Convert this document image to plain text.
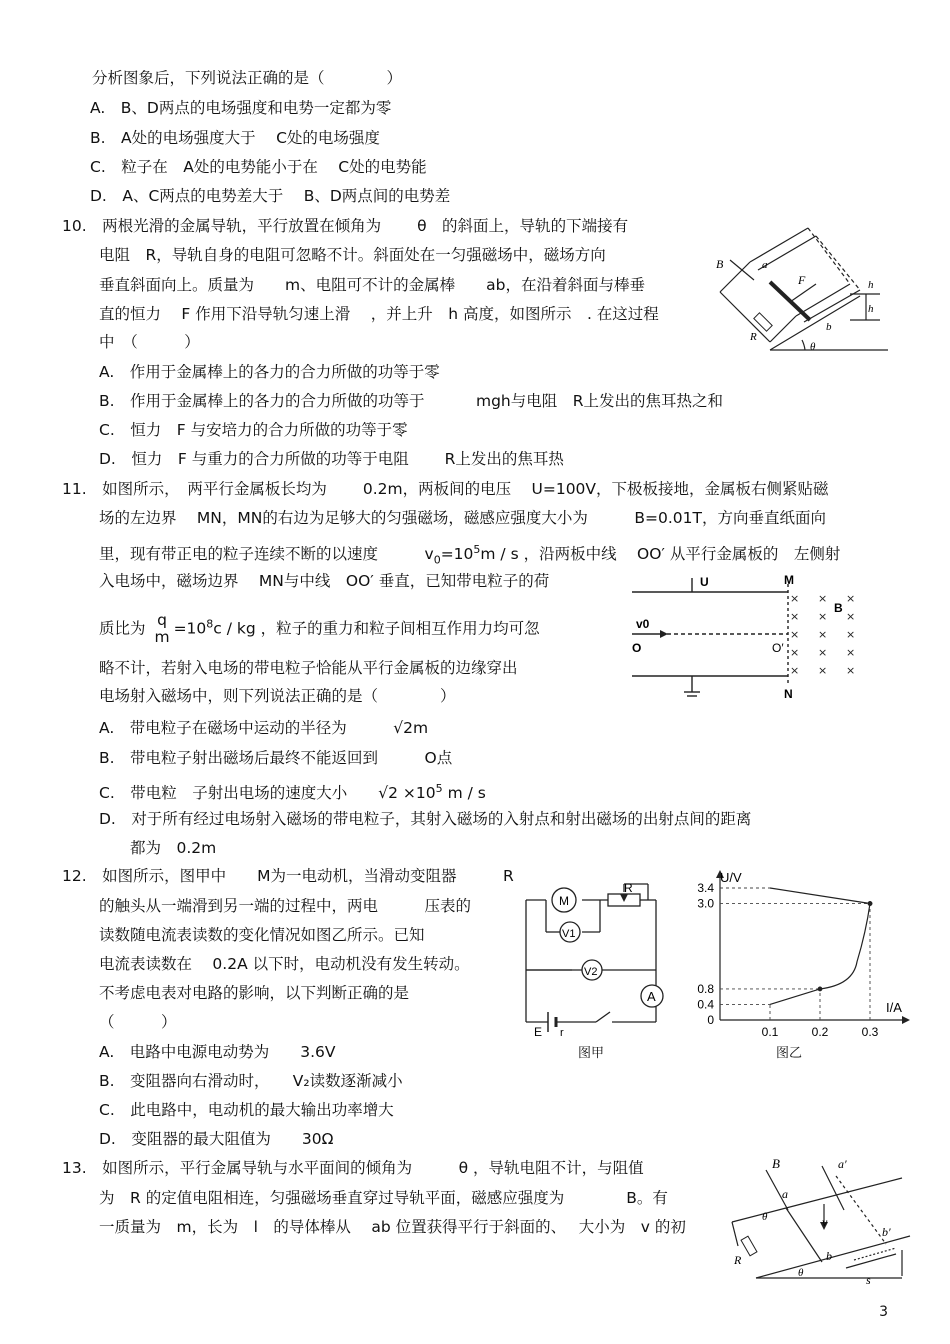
分析图象后，下列说法正确的是（　　　　）
A.　B、D两点的电场强度和电势一定都为零
B.　A处的电场强度大于　 C处的电场强度
C.　粒子在　A处的电势能小于在　 C处的电势能
D.　A、C两点的电势差大于　 B、D两点间的电势差
10.　两根光滑的金属导轨，平行放置在倾角为　　 θ　的斜面上，导轨的下端接有
电阻　R，导轨自身的电阻可忽略不计。斜面处在一匀强磁场中，磁场方向
垂直斜面向上。质量为　　m、电阻可不计的金属棒　　ab，在沿着斜面与棒垂
直的恒力　 F 作用下沿导轨匀速上滑　 ，并上升　h 高度，如图所示　. 在这过程
中　（　　　）
A.　作用于金属棒上的各力的合力所做的功等于零
B.　作用于金属棒上的各力的合力所做的功等于　　　 mgh与电阻　R上发出的焦耳热之和
C.　恒力　F 与安培力的合力所做的功等于零
D.　恒力　F 与重力的合力所做的功等于电阻　　 R上发出的焦耳热
B	a
F	h
h
b
R
θ
11.　如图所示，　两平行金属板长均为　　 0.2m，两板间的电压　 U=100V，下极板接地，金属板右侧紧贴磁
场的左边界　 MN，MN的右边为足够大的匀强磁场，磁感应强度大小为　　　B=0.01T，方向垂直纸面向
里，现有带正电的粒子连续不断的以速度　　　$v_0=10^5m / s$ ，沿两板中线　 OO′ 从平行金属板的　左侧射
入电场中，磁场边界　 MN与中线　OO′ 垂直，已知带电粒子的荷
质比为 q
$m =10^8c$ / kg ，粒子的重力和粒子间相互作用力均可忽
略不计，若射入电场的带电粒子恰能从平行金属板的边缘穿出
电场射入磁场中，则下列说法正确的是（　　　　）
A.　带电粒子在磁场中运动的半径为　　　√2m
B.　带电粒子射出磁场后最终不能返回到　　　O点
C.　带电粒　子射出电场的速度大小　　$√2 \times 10^5$ m / s
D.　对于所有经过电场射入磁场的带电粒子，其射入磁场的入射点和射出磁场的出射点间的距离
都为　0.2m
× × ×
× × ×
× × ×
× × ×
× × ×
U	M
B
v0
O	O′
N
12.　如图所示，图甲中　　M为一电动机，当滑动变阻器　　　R
的触头从一端滑到另一端的过程中，两电　　　压表的
读数随电流表读数的变化情况如图乙所示。已知
电流表读数在　 0.2A 以下时，电动机没有发生转动。
不考虑电表对电路的影响，以下判断正确的是
（　　　）
A.　电路中电源电动势为　　3.6V
B.　变阻器向右滑动时，　　V₂读数逐渐减小
C.　此电路中，电动机的最大输出功率增大
D.　变阻器的最大阻值为　　30Ω
R
M
V1
V2
A
E r
图甲
U/V
I/A
3.4
3.0
0.8
0.4
0
0.1	0.2	0.3
图乙
13.　如图所示，平行金属导轨与水平面间的倾角为　　　θ ，导轨电阻不计，与阻值
为　R 的定值电阻相连，匀强磁场垂直穿过导轨平面，磁感应强度为　　　　B。有
一质量为　m，长为　l　的导体棒从　 ab 位置获得平行于斜面的、　 大小为　v 的初
B	a′
a
θ	v
b′
R
θ
b
s
3
